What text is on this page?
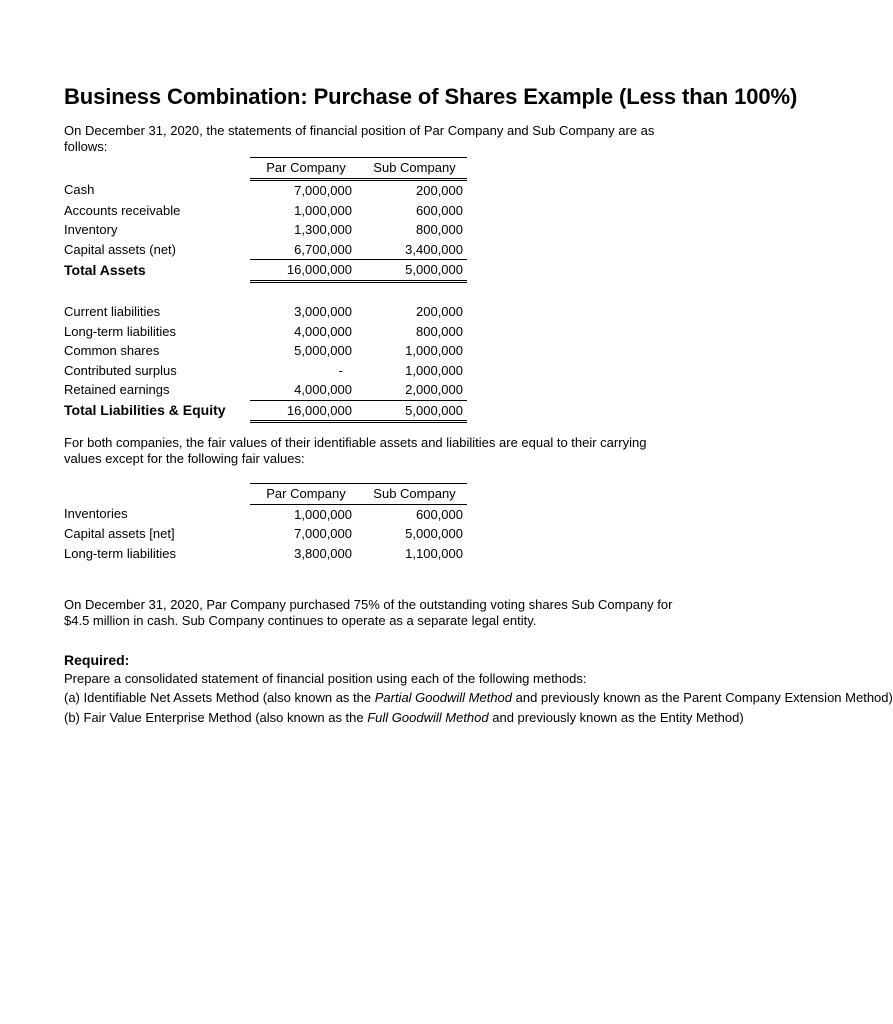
Business Combination: Purchase of Shares Example (Less than 100%)
On December 31, 2020, the statements of financial position of Par Company and Sub Company are as follows:
	Par Company	Sub Company
Cash	7,000,000	200,000
Accounts receivable	1,000,000	600,000
Inventory	1,300,000	800,000
Capital assets (net)	6,700,000	3,400,000
Total Assets	16,000,000	5,000,000

Current liabilities	3,000,000	200,000
Long-term liabilities	4,000,000	800,000
Common shares	5,000,000	1,000,000
Contributed surplus	-	1,000,000
Retained earnings	4,000,000	2,000,000
Total Liabilities & Equity	16,000,000	5,000,000
For both companies, the fair values of their identifiable assets and liabilities are equal to their carrying values except for the following fair values:
	Par Company	Sub Company
Inventories	1,000,000	600,000
Capital assets [net]	7,000,000	5,000,000
Long-term liabilities	3,800,000	1,100,000
On December 31, 2020, Par Company purchased 75% of the outstanding voting shares Sub Company for $4.5 million in cash. Sub Company continues to operate as a separate legal entity.
Required:
Prepare a consolidated statement of financial position using each of the following methods:
(a) Identifiable Net Assets Method (also known as the Partial Goodwill Method and previously known as the Parent Company Extension Method)
(b) Fair Value Enterprise Method (also known as the Full Goodwill Method and previously known as the Entity Method)
